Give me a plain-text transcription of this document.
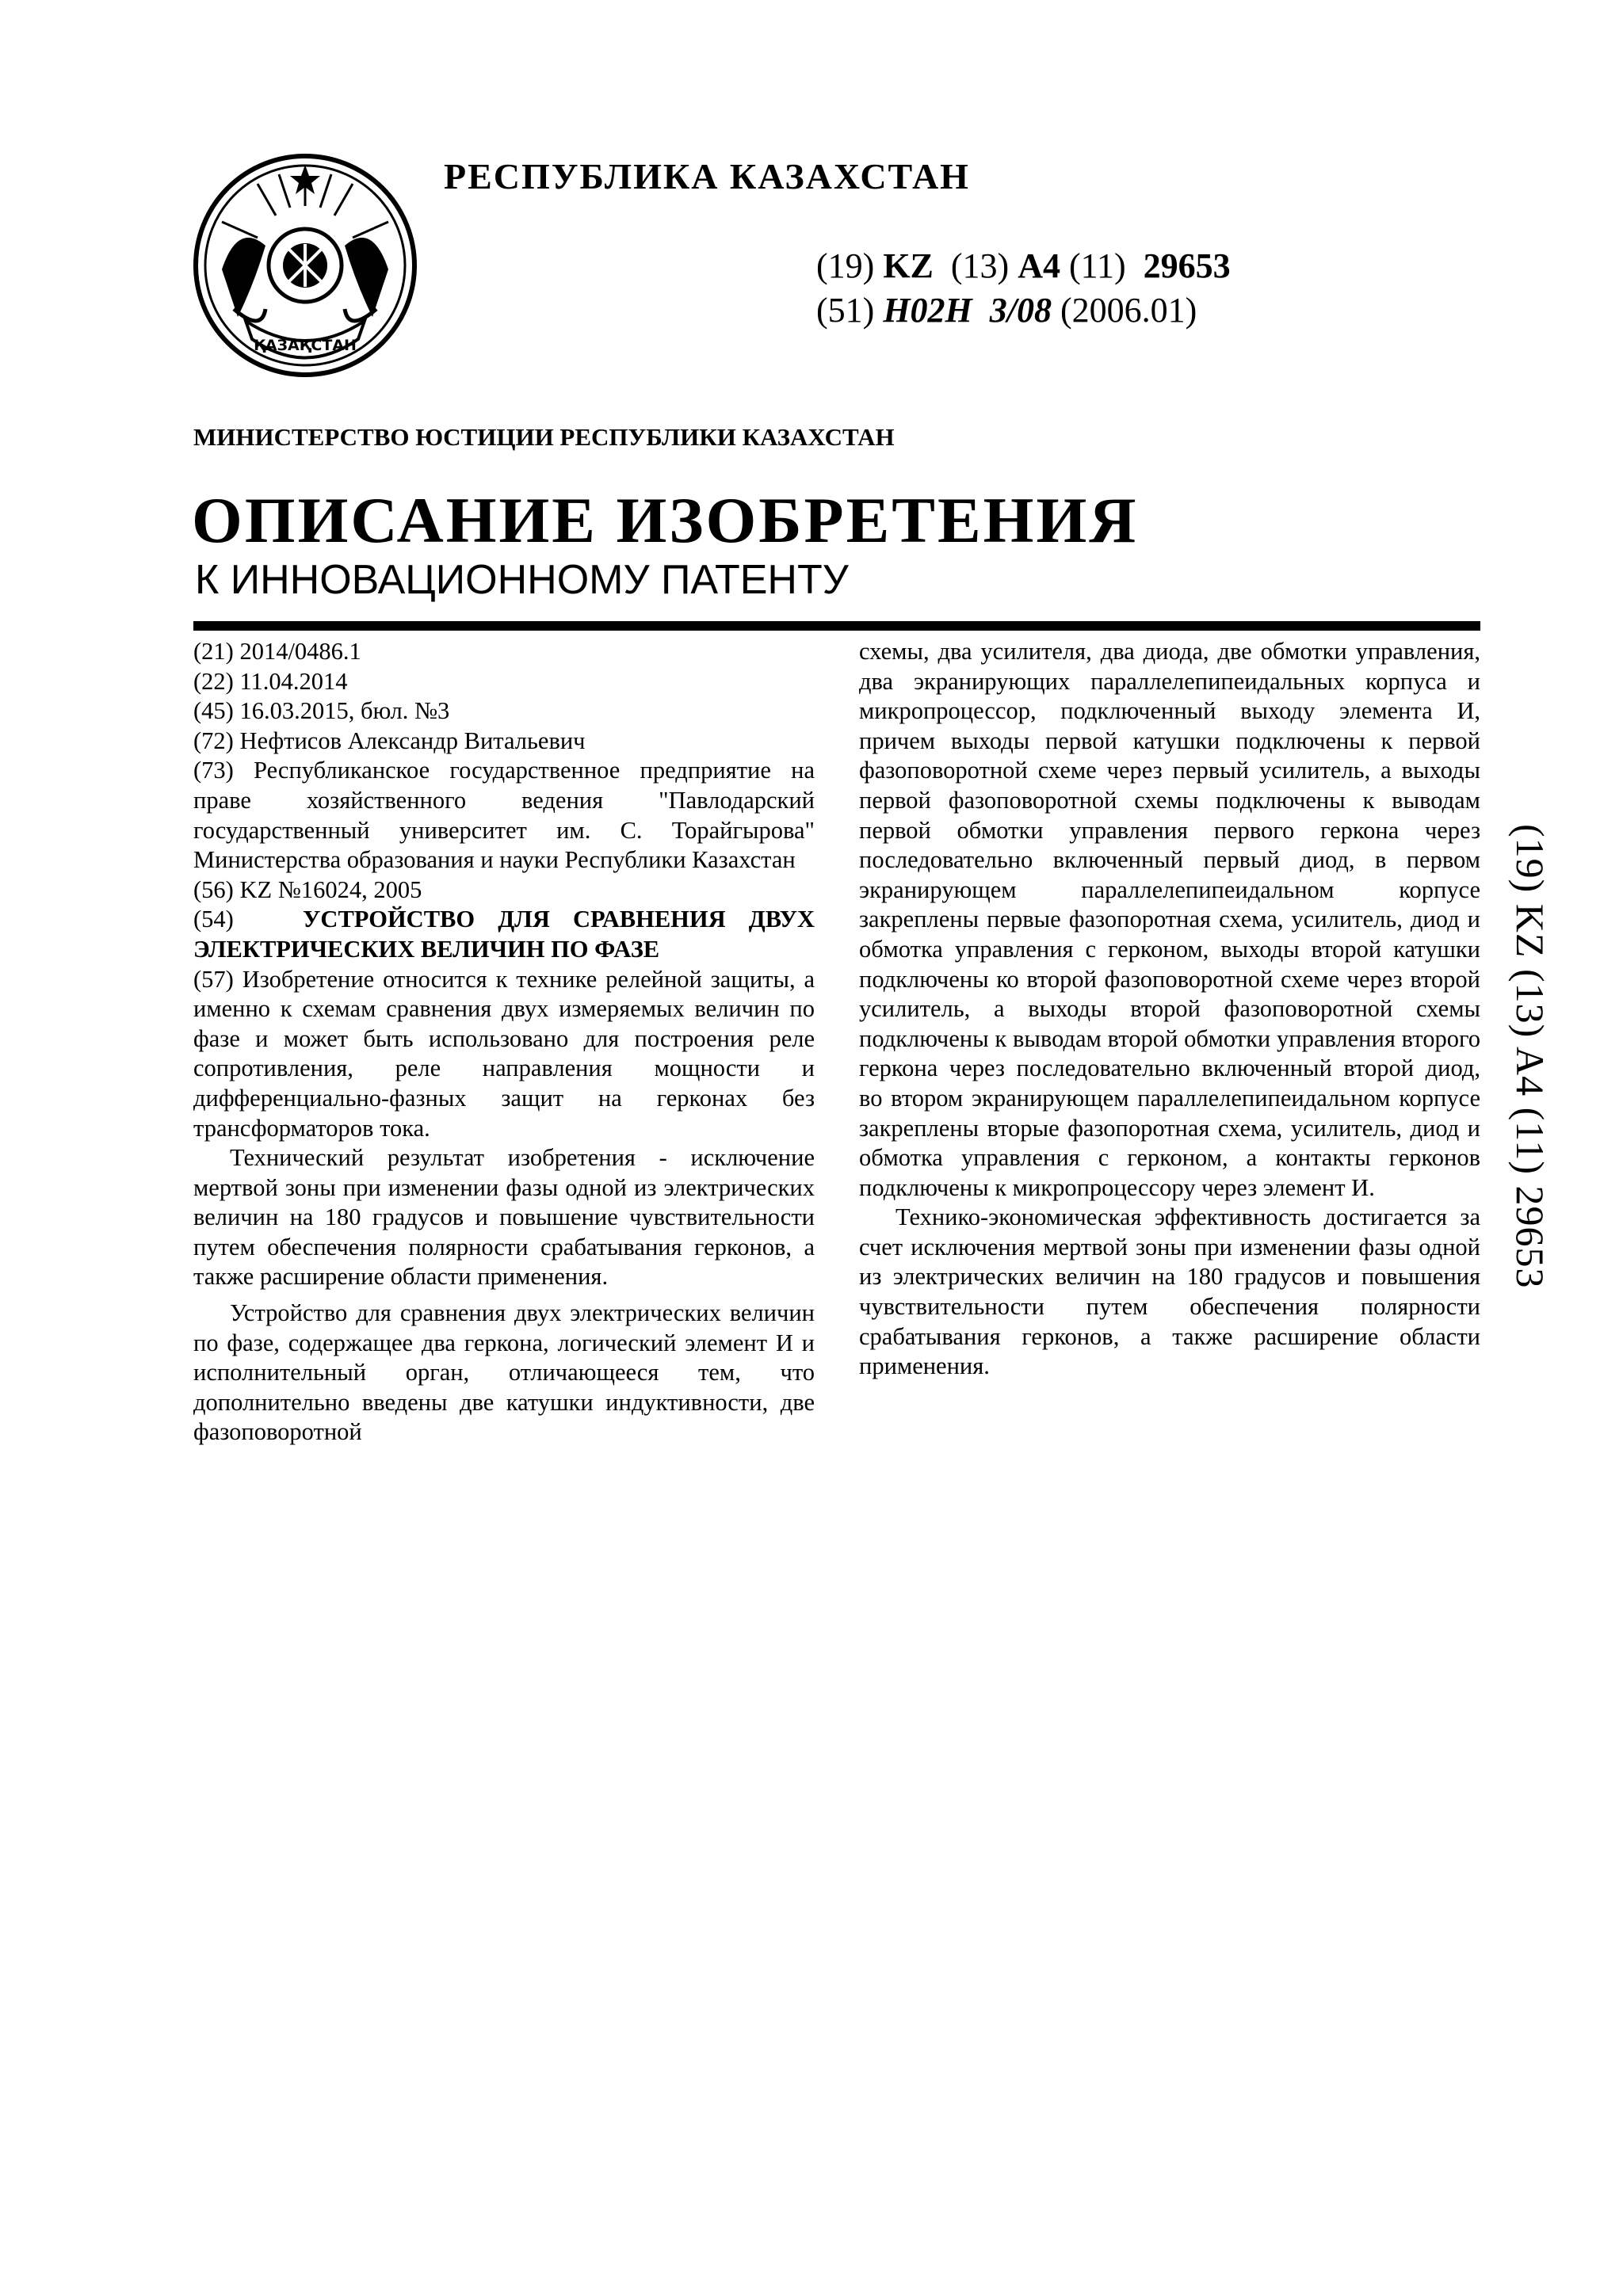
ҚАЗАҚСТАН
РЕСПУБЛИКА КАЗАХСТАН
(19) KZ (13) A4 (11) 29653
(51) H02H 3/08 (2006.01)
МИНИСТЕРСТВО ЮСТИЦИИ РЕСПУБЛИКИ КАЗАХСТАН
ОПИСАНИЕ ИЗОБРЕТЕНИЯ
К ИННОВАЦИОННОМУ ПАТЕНТУ

(21) 2014/0486.1

(22) 11.04.2014

(45) 16.03.2015, бюл. №3

(72) Нефтисов Александр Витальевич

(73) Республиканское государственное предприятие на праве хозяйственного ведения "Павлодарский государственный университет им. С. Торайгырова" Министерства образования и науки Республики Казахстан

(56) KZ №16024, 2005

(54)	УСТРОЙСТВО ДЛЯ СРАВНЕНИЯ ДВУХ ЭЛЕКТРИЧЕСКИХ ВЕЛИЧИН ПО ФАЗЕ

(57) Изобретение относится к технике релейной защиты, а именно к схемам сравнения двух измеряемых величин по фазе и может быть использовано для построения реле сопротивления, реле направления мощности и дифференциально-фазных защит на герконах без трансформаторов тока.

Технический результат изобретения - исключение мертвой зоны при изменении фазы одной из электрических величин на 180 градусов и повышение чувствительности путем обеспечения полярности срабатывания герконов, а также расширение области применения.

Устройство для сравнения двух электрических величин по фазе, содержащее два геркона, логический элемент И и исполнительный орган, отличающееся тем, что дополнительно введены две катушки индуктивности, две фазоповоротной

схемы, два усилителя, два диода, две обмотки управления, два экранирующих параллелепипеидальных корпуса и микропроцессор, подключенный выходу элемента И, причем выходы первой катушки подключены к первой фазоповоротной схеме через первый усилитель, а выходы первой фазоповоротной схемы подключены к выводам первой обмотки управления первого геркона через последовательно включенный первый диод, в первом экранирующем параллелепипеидальном корпусе закреплены первые фазопоротная схема, усилитель, диод и обмотка управления с герконом, выходы второй катушки подключены ко второй фазоповоротной схеме через второй усилитель, а выходы второй фазоповоротной схемы подключены к выводам второй обмотки управления второго геркона через последовательно включенный второй диод, во втором экранирующем параллелепипеидальном корпусе закреплены вторые фазопоротная схема, усилитель, диод и обмотка управления с герконом, а контакты герконов подключены к микропроцессору через элемент И.

Технико-экономическая эффективность достигается за счет исключения мертвой зоны при изменении фазы одной из электрических величин на 180 градусов и повышения чувствительности путем обеспечения полярности срабатывания герконов, а также расширение области применения.

(19) KZ (13) A4 (11) 29653
